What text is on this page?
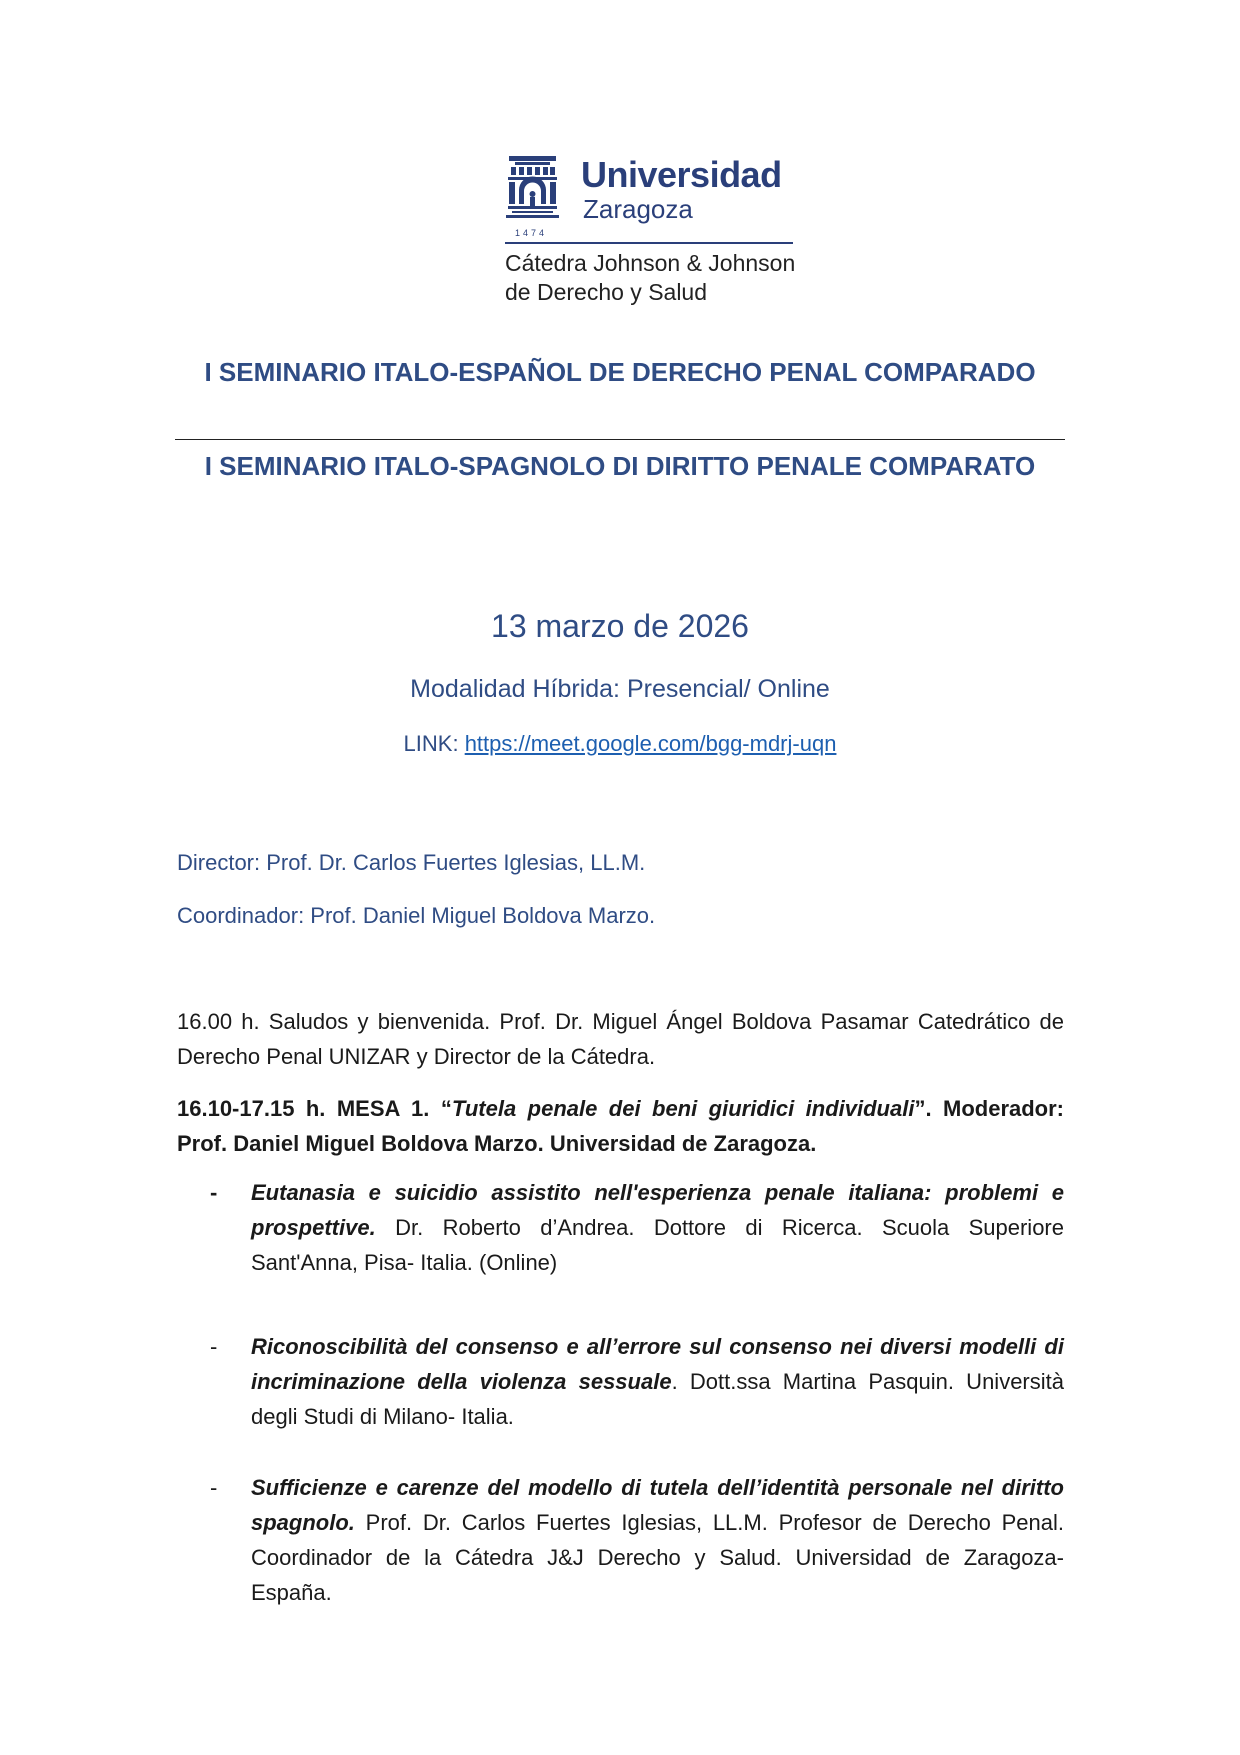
Universidad
Zaragoza
1474
Cátedra Johnson & Johnson
de Derecho y Salud
I SEMINARIO ITALO-ESPAÑOL DE DERECHO PENAL COMPARADO
I SEMINARIO ITALO-SPAGNOLO DI DIRITTO PENALE COMPARATO
13 marzo de 2026
Modalidad Híbrida: Presencial/ Online
LINK: https://meet.google.com/bgg-mdrj-uqn
Director: Prof. Dr. Carlos Fuertes Iglesias, LL.M.
Coordinador: Prof. Daniel Miguel Boldova Marzo.
16.00 h. Saludos y bienvenida. Prof. Dr. Miguel Ángel Boldova Pasamar Catedrático de Derecho Penal UNIZAR y Director de la Cátedra.
16.10-17.15 h. MESA 1. “Tutela penale dei beni giuridici individuali”. Moderador: Prof. Daniel Miguel Boldova Marzo. Universidad de Zaragoza.
- Eutanasia e suicidio assistito nell'esperienza penale italiana: problemi e prospettive. Dr. Roberto d’Andrea. Dottore di Ricerca. Scuola Superiore Sant'Anna, Pisa- Italia. (Online)
- Riconoscibilità del consenso e all’errore sul consenso nei diversi modelli di incriminazione della violenza sessuale. Dott.ssa Martina Pasquin. Università degli Studi di Milano- Italia.
- Sufficienze e carenze del modello di tutela dell’identità personale nel diritto spagnolo. Prof. Dr. Carlos Fuertes Iglesias, LL.M. Profesor de Derecho Penal. Coordinador de la Cátedra J&J Derecho y Salud. Universidad de Zaragoza- España.
